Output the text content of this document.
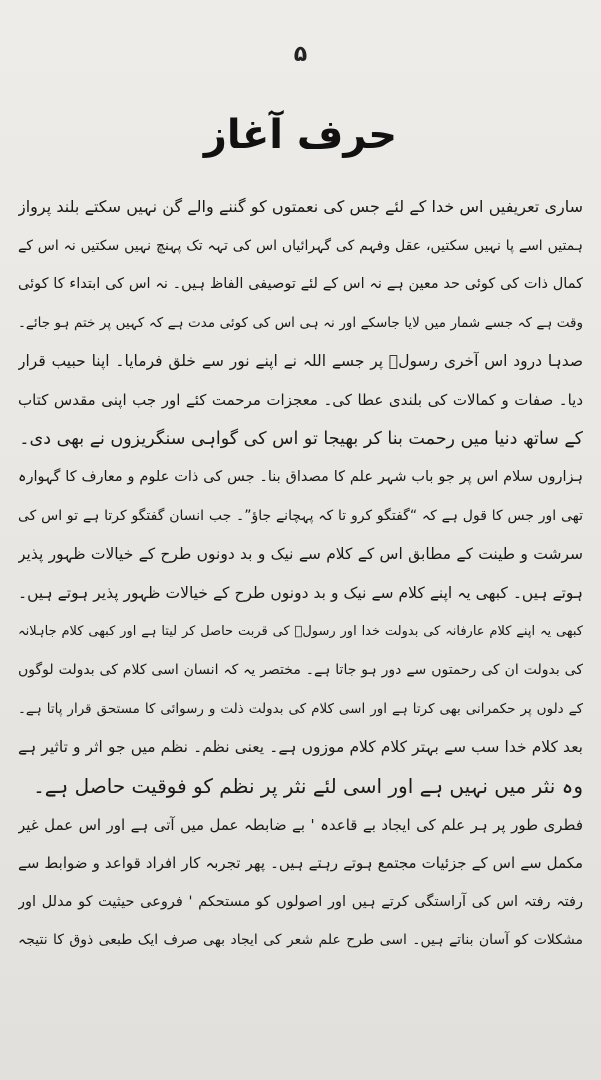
۵
حرف آغاز
ساری تعریفیں اس خدا کے لئے جس کی نعمتوں کو گننے والے گن نہیں سکتے بلند پرواز
ہمتیں اسے پا نہیں سکتیں، عقل وفہم کی گہرائیاں اس کی تہہ تک پہنچ نہیں سکتیں نہ اس کے
کمال ذات کی کوئی حد معین ہے نہ اس کے لئے توصیفی الفاظ ہیں۔ نہ اس کی ابتداء کا کوئی
وقت ہے کہ جسے شمار میں لایا جاسکے اور نہ ہی اس کی کوئی مدت ہے کہ کہیں پر ختم ہو جائے۔
صدہا درود اس آخری رسولؐ پر جسے اللہ نے اپنے نور سے خلق فرمایا۔ اپنا حبیب قرار
دیا۔ صفات و کمالات کی بلندی عطا کی۔ معجزات مرحمت کئے اور جب اپنی مقدس کتاب
کے ساتھ دنیا میں رحمت بنا کر بھیجا تو اس کی گواہی سنگریزوں نے بھی دی۔
ہزاروں سلام اس پر جو باب شہر علم کا مصداق بنا۔ جس کی ذات علوم و معارف کا گہوارہ
تھی اور جس کا قول ہے کہ “گفتگو کرو تا کہ پہچانے جاؤ”۔ جب انسان گفتگو کرتا ہے تو اس کی
سرشت و طینت کے مطابق اس کے کلام سے نیک و بد دونوں طرح کے خیالات ظہور پذیر
ہوتے ہیں۔ کبھی یہ اپنے کلام سے نیک و بد دونوں طرح کے خیالات ظہور پذیر ہوتے ہیں۔
کبھی یہ اپنے کلام عارفانہ کی بدولت خدا اور رسولؐ کی قربت حاصل کر لیتا ہے اور کبھی کلام جاہلانہ
کی بدولت ان کی رحمتوں سے دور ہو جاتا ہے۔ مختصر یہ کہ انسان اسی کلام کی بدولت لوگوں
کے دلوں پر حکمرانی بھی کرتا ہے اور اسی کلام کی بدولت ذلت و رسوائی کا مستحق قرار پاتا ہے۔
بعد کلام خدا سب سے بہتر کلام کلام موزوں ہے۔ یعنی نظم۔ نظم میں جو اثر و تاثیر ہے
وہ نثر میں نہیں ہے اور اسی لئے نثر پر نظم کو فوقیت حاصل ہے۔
فطری طور پر ہر علم کی ایجاد بے قاعدہ ' بے ضابطہ عمل میں آتی ہے اور اس عمل غیر
مکمل سے اس کے جزئیات مجتمع ہوتے رہتے ہیں۔ پھر تجربہ کار افراد قواعد و ضوابط سے
رفتہ رفتہ اس کی آراستگی کرتے ہیں اور اصولوں کو مستحکم ' فروعی حیثیت کو مدلل اور
مشکلات کو آسان بناتے ہیں۔ اسی طرح علم شعر کی ایجاد بھی صرف ایک طبعی ذوق کا نتیجہ
